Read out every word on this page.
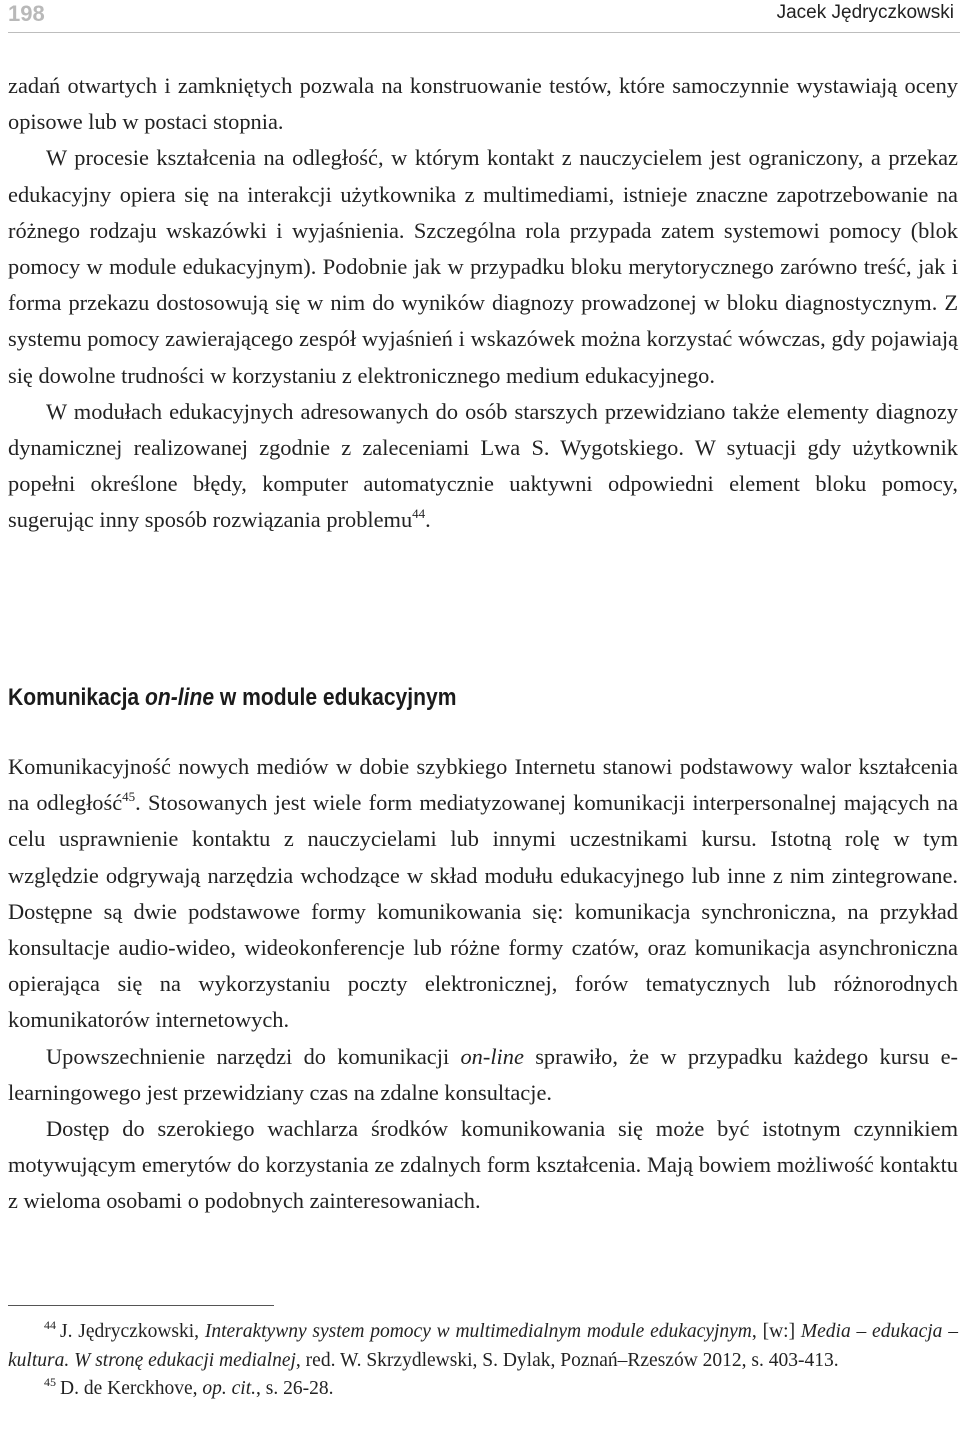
198	Jacek Jędryczkowski

zadań otwartych i zamkniętych pozwala na konstruowanie testów, które samoczynnie wystawiają oceny opisowe lub w postaci stopnia.

W procesie kształcenia na odległość, w którym kontakt z nauczycielem jest ograniczony, a przekaz edukacyjny opiera się na interakcji użytkownika z multimediami, istnieje znaczne zapotrzebowanie na różnego rodzaju wskazówki i wyjaśnienia. Szczególna rola przypada zatem systemowi pomocy (blok pomocy w module edukacyjnym). Podobnie jak w przypadku bloku merytorycznego zarówno treść, jak i forma przekazu dostosowują się w nim do wyników diagnozy prowadzonej w bloku diagnostycznym. Z systemu pomocy zawierającego zespół wyjaśnień i wskazówek można korzystać wówczas, gdy pojawiają się dowolne trudności w korzystaniu z elektronicznego medium edukacyjnego.

W modułach edukacyjnych adresowanych do osób starszych przewidziano także elementy diagnozy dynamicznej realizowanej zgodnie z zaleceniami Lwa S. Wygotskiego. W sytuacji gdy użytkownik popełni określone błędy, komputer automatycznie uaktywni odpowiedni element bloku pomocy, sugerując inny sposób rozwiązania problemu$^{44}$.

Komunikacja on-line w module edukacyjnym

Komunikacyjność nowych mediów w dobie szybkiego Internetu stanowi podstawowy walor kształcenia na odległość$^{45}$. Stosowanych jest wiele form mediatyzowanej komunikacji interpersonalnej mających na celu usprawnienie kontaktu z nauczycielami lub innymi uczestnikami kursu. Istotną rolę w tym względzie odgrywają narzędzia wchodzące w skład modułu edukacyjnego lub inne z nim zintegrowane. Dostępne są dwie podstawowe formy komunikowania się: komunikacja synchroniczna, na przykład konsultacje audio-wideo, wideokonferencje lub różne formy czatów, oraz komunikacja asynchroniczna opierająca się na wykorzystaniu poczty elektronicznej, forów tematycznych lub różnorodnych komunikatorów internetowych.

Upowszechnienie narzędzi do komunikacji on-line sprawiło, że w przypadku każdego kursu e-learningowego jest przewidziany czas na zdalne konsultacje.

Dostęp do szerokiego wachlarza środków komunikowania się może być istotnym czynnikiem motywującym emerytów do korzystania ze zdalnych form kształcenia. Mają bowiem możliwość kontaktu z wieloma osobami o podobnych zainteresowaniach.

44 J. Jędryczkowski, Interaktywny system pomocy w multimedialnym module edukacyjnym, [w:] Media – edukacja – kultura. W stronę edukacji medialnej, red. W. Skrzydlewski, S. Dylak, Poznań–Rzeszów 2012, s. 403-413.

45 D. de Kerckhove, op. cit., s. 26-28.
